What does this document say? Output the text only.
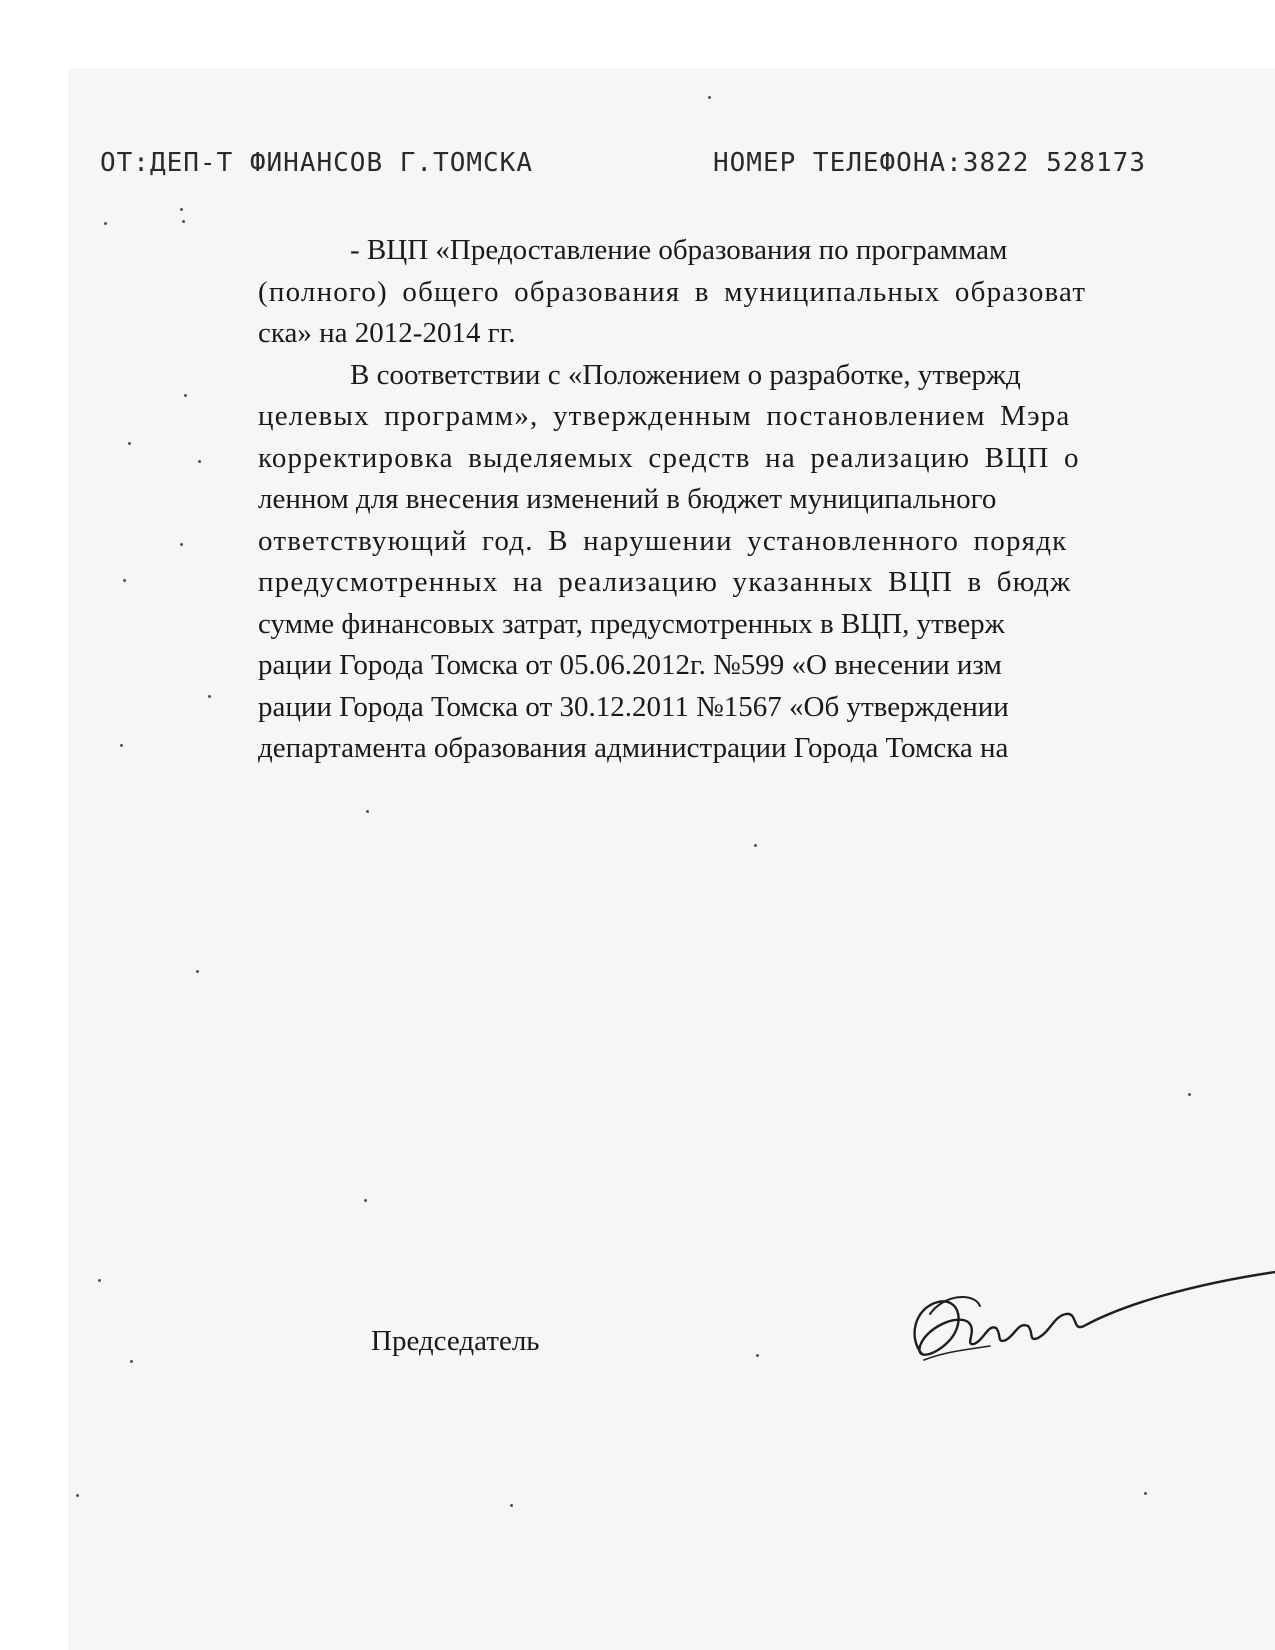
ОТ:ДЕП-Т ФИНАНСОВ Г.ТОМСКА	НОМЕР ТЕЛЕФОНА:3822 528173
- ВЦП «Предоставление образования по программам
(полного) общего образования в муниципальных образоват
ска» на 2012-2014 гг.
В соответствии с «Положением о разработке, утвержд
целевых программ», утвержденным постановлением Мэра
корректировка выделяемых средств на реализацию ВЦП о
ленном для внесения изменений в бюджет муниципального
ответствующий год. В нарушении установленного порядк
предусмотренных на реализацию указанных ВЦП в бюдж
сумме финансовых затрат, предусмотренных в ВЦП, утверж
рации Города Томска от 05.06.2012г. №599 «О внесении изм
рации Города Томска от 30.12.2011 №1567 «Об утверждении
департамента образования администрации Города Томска на
Председатель
